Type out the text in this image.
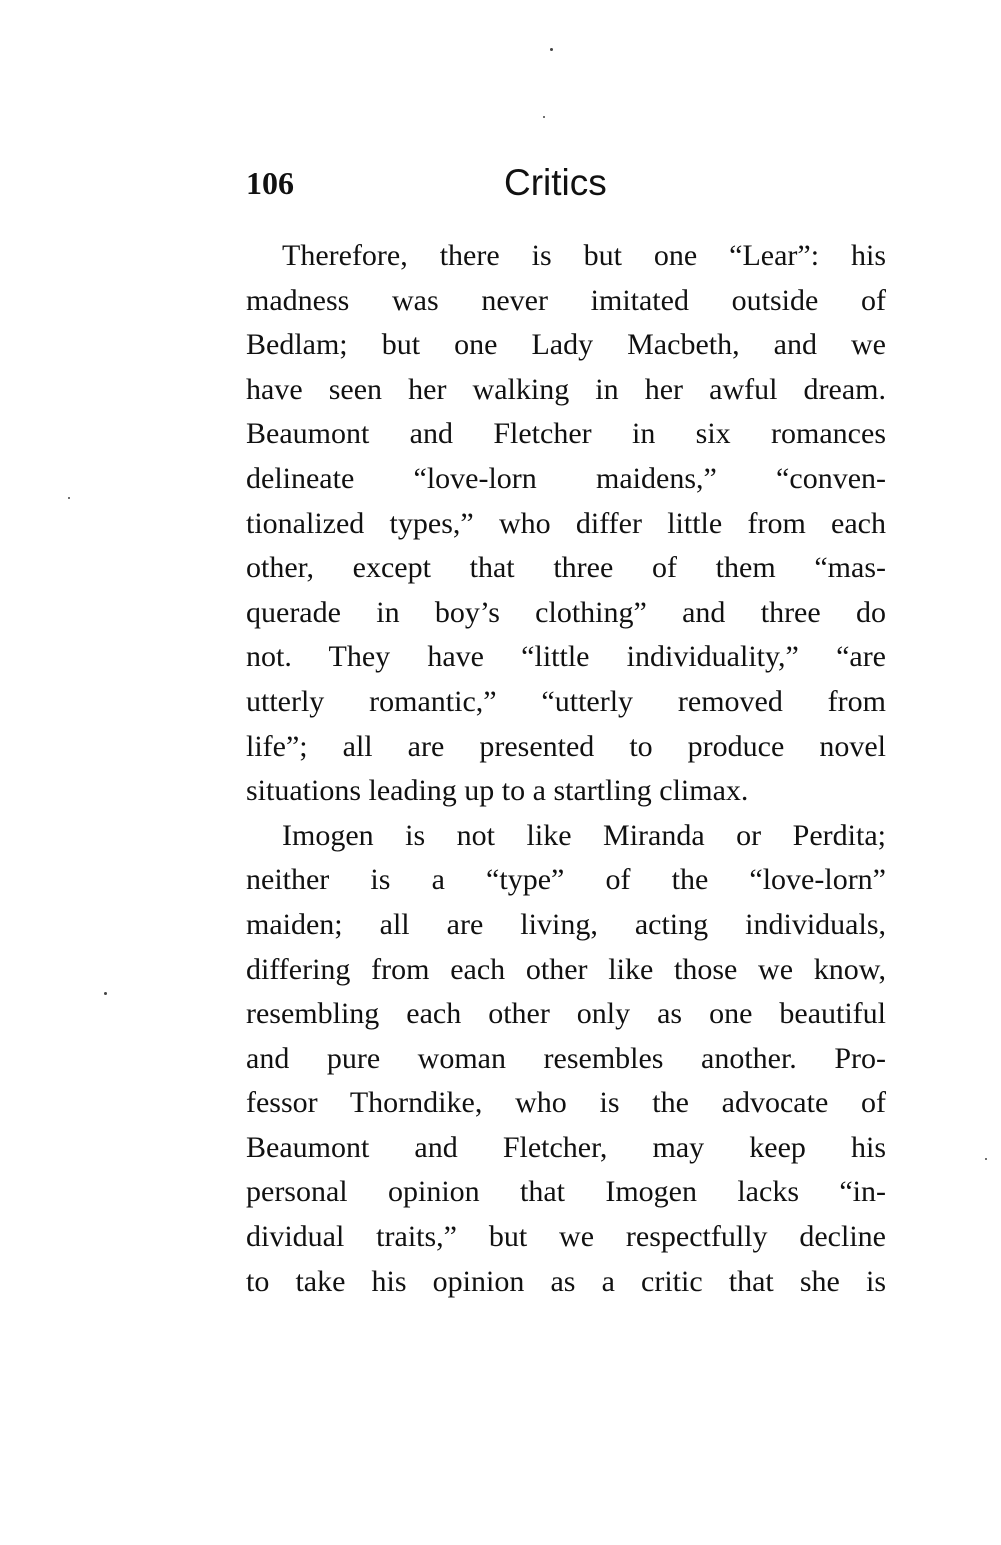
106	Critics
Therefore, there is but one “Lear”: his
madness was never imitated outside of
Bedlam; but one Lady Macbeth, and we
have seen her walking in her awful dream.
Beaumont and Fletcher in six romances
delineate “love-lorn maidens,” “conven-
tionalized types,” who differ little from each
other, except that three of them “mas-
querade in boy’s clothing” and three do
not. They have “little individuality,” “are
utterly romantic,” “utterly removed from
life”; all are presented to produce novel
situations leading up to a startling climax.
Imogen is not like Miranda or Perdita;
neither is a “type” of the “love-lorn”
maiden; all are living, acting individuals,
differing from each other like those we know,
resembling each other only as one beautiful
and pure woman resembles another. Pro-
fessor Thorndike, who is the advocate of
Beaumont and Fletcher, may keep his
personal opinion that Imogen lacks “in-
dividual traits,” but we respectfully decline
to take his opinion as a critic that she is
